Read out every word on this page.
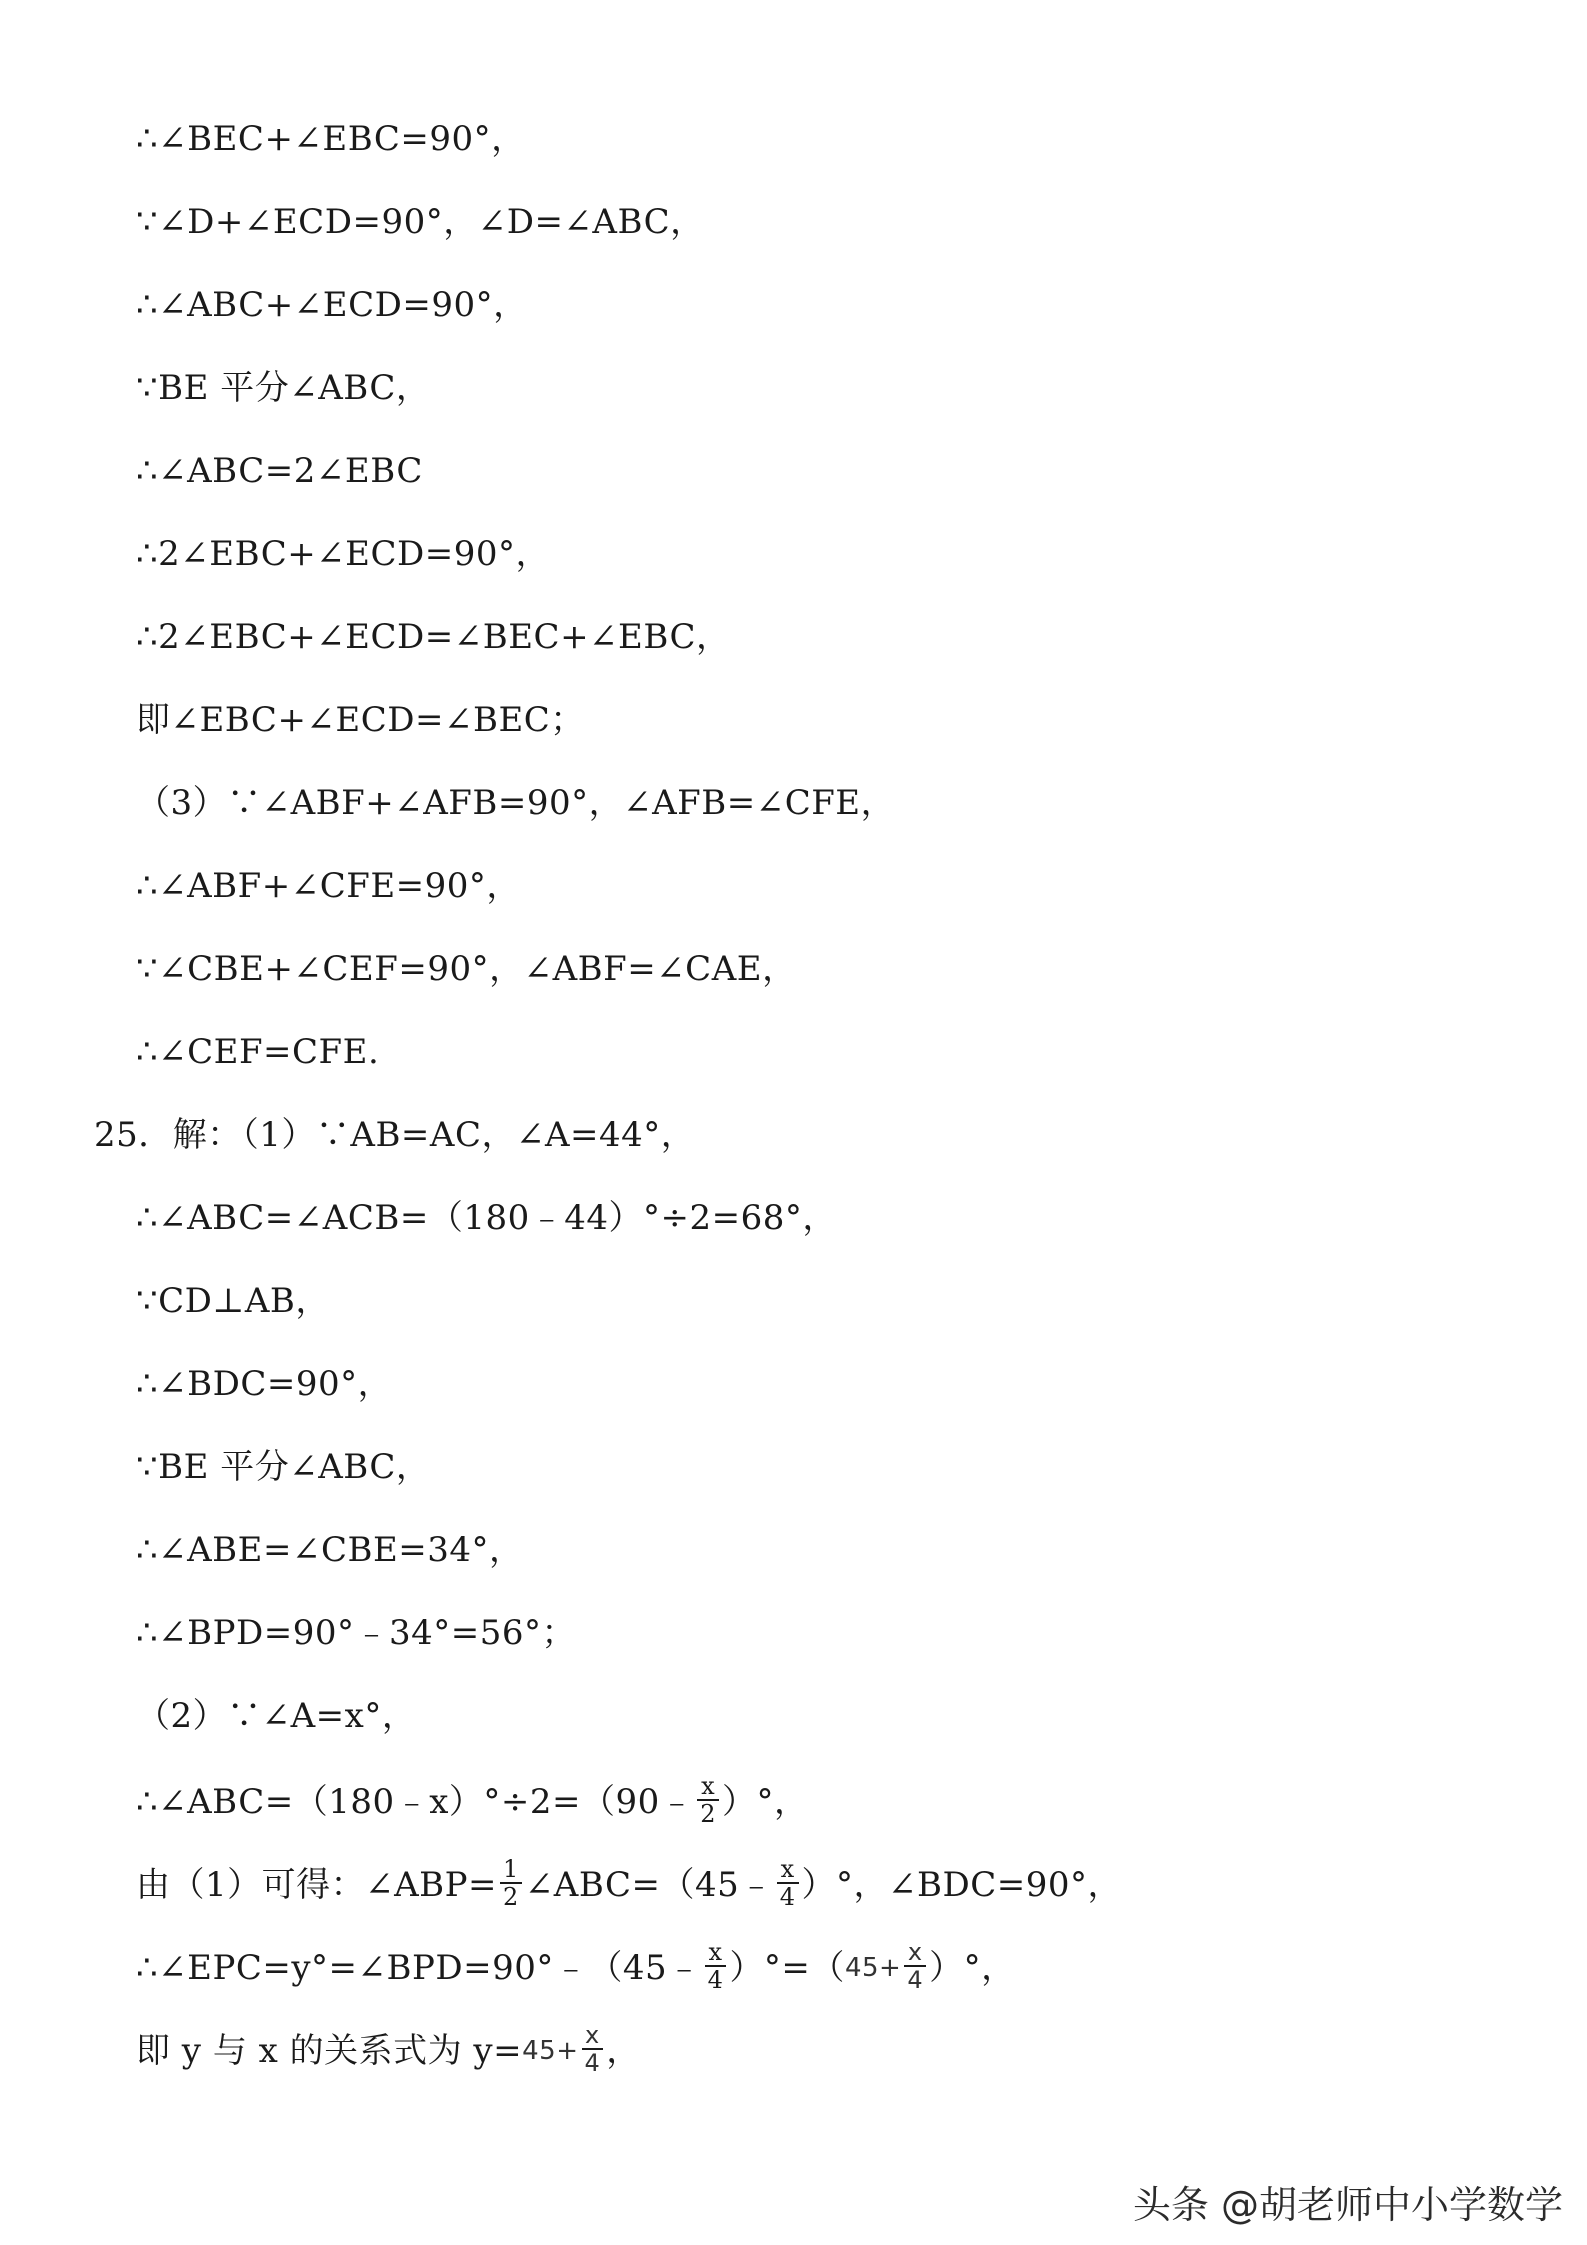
∴∠BEC+∠EBC=90°，
∵∠D+∠ECD=90°，∠D=∠ABC，
∴∠ABC+∠ECD=90°，
∵BE 平分∠ABC，
∴∠ABC=2∠EBC
∴2∠EBC+∠ECD=90°，
∴2∠EBC+∠ECD=∠BEC+∠EBC，
即∠EBC+∠ECD=∠BEC；
（3）∵∠ABF+∠AFB=90°，∠AFB=∠CFE，
∴∠ABF+∠CFE=90°，
∵∠CBE+∠CEF=90°，∠ABF=∠CAE，
∴∠CEF=CFE.
25．解：（1）∵AB=AC，∠A=44°，
∴∠ABC=∠ACB=（180﹣44）°÷2=68°，
∵CD⊥AB，
∴∠BDC=90°，
∵BE 平分∠ABC，
∴∠ABE=∠CBE=34°，
∴∠BPD=90°﹣34°=56°；
（2）∵∠A=x°，
∴∠ABC=（180﹣x）°÷2=（90﹣ $\frac{x}{2}$ ）°，
由（1）可得：∠ABP= $\frac{1}{2}$ ∠ABC=（45﹣ $\frac{x}{4}$ ）°，∠BDC=90°，
∴∠EPC=y°=∠BPD=90°﹣（45﹣ $\frac{x}{4} )^\circ=(45+ \frac{x}{4}$ ）°，
即 y 与 x 的关系式为 $y=45+ \frac{x}{4}$ ，
头条 @胡老师中小学数学
